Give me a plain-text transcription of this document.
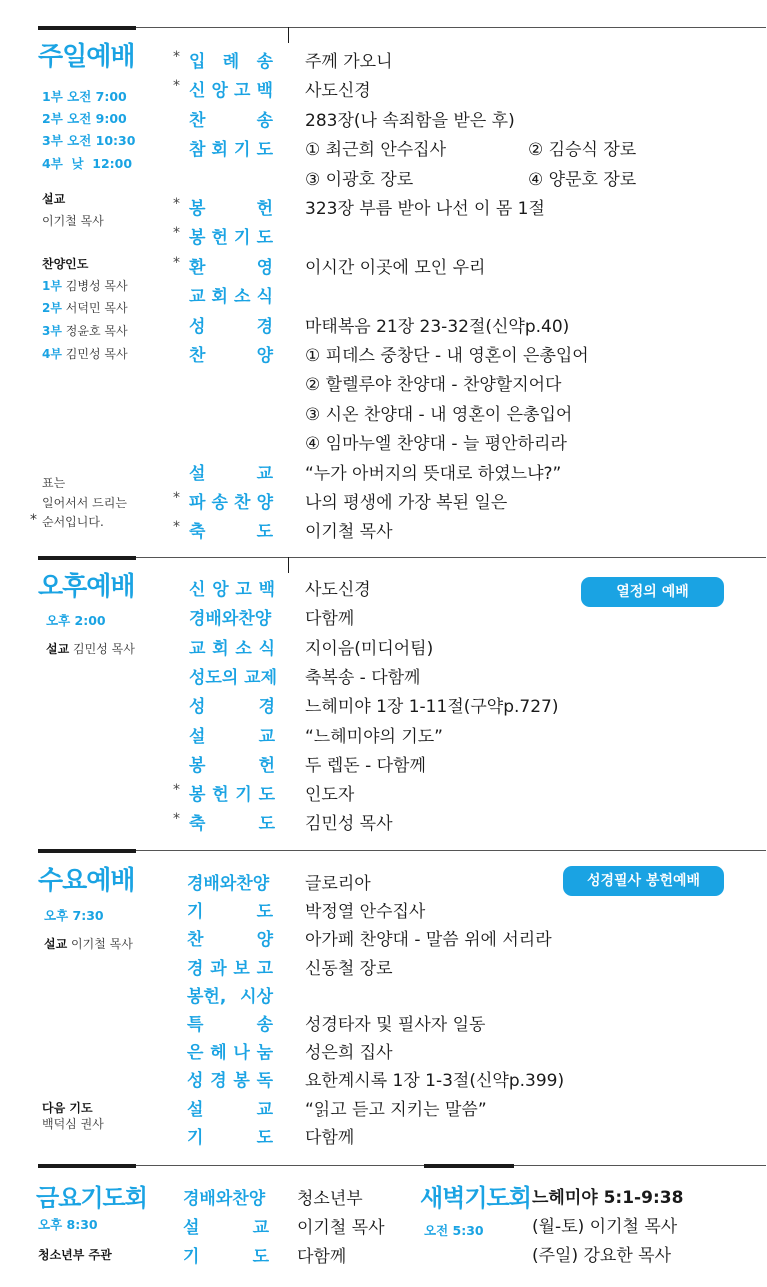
주일예배
1부 오전 7:00
2부 오전 9:00
3부 오전 10:30
4부  낮  12:00
설교
이기철 목사
찬양인도
1부 김병성 목사
2부 서덕민 목사
3부 정윤호 목사
4부 김민성 목사
표는
일어서서 드리는
* 순서입니다.
* 입 례 송 주께 가오니
* 신 앙 고 백 사도신경
찬 송 283장(나 속죄함을 받은 후)
참 회 기 도 ① 최근희 안수집사	② 김승식 장로
③ 이광호 장로	④ 양문호 장로
* 봉 헌 323장 부름 받아 나선 이 몸 1절
* 봉 헌 기 도
* 환 영 이시간 이곳에 모인 우리
교 회 소 식
성 경 마태복음 21장 23-32절(신약p.40)
찬 양 ① 피데스 중창단 - 내 영혼이 은총입어
② 할렐루야 찬양대 - 찬양할지어다
③ 시온 찬양대 - 내 영혼이 은총입어
④ 임마누엘 찬양대 - 늘 평안하리라
설 교 “누가 아버지의 뜻대로 하였느냐?”
* 파 송 찬 양 나의 평생에 가장 복된 일은
* 축 도 이기철 목사
오후예배
오후 2:00
설교 김민성 목사
열정의 예배
신 앙 고 백 사도신경
경배와찬양 다함께
교 회 소 식 지이음(미디어팀)
성도의 교제 축복송 - 다함께
성 경 느헤미야 1장 1-11절(구약p.727)
설 교 “느헤미야의 기도”
봉 헌 두 렙돈 - 다함께
* 봉 헌 기 도 인도자
* 축 도 김민성 목사
수요예배
오후 7:30
설교 이기철 목사
성경필사 봉헌예배
다음 기도
백덕심 권사
경배와찬양 글로리아
기 도 박정열 안수집사
찬 양 아가페 찬양대 - 말씀 위에 서리라
경 과 보 고 신동철 장로
봉헌, 시상
특 송 성경타자 및 필사자 일동
은 헤 나 눔 성은희 집사
성 경 봉 독 요한계시록 1장 1-3절(신약p.399)
설 교 “읽고 듣고 지키는 말씀”
기 도 다함께
금요기도회
오후 8:30
청소년부 주관
경배와찬양 청소년부
설 교 이기철 목사
기 도 다함께
새벽기도회
오전 5:30
느헤미야 5:1-9:38
(월-토) 이기철 목사
(주일) 강요한 목사
